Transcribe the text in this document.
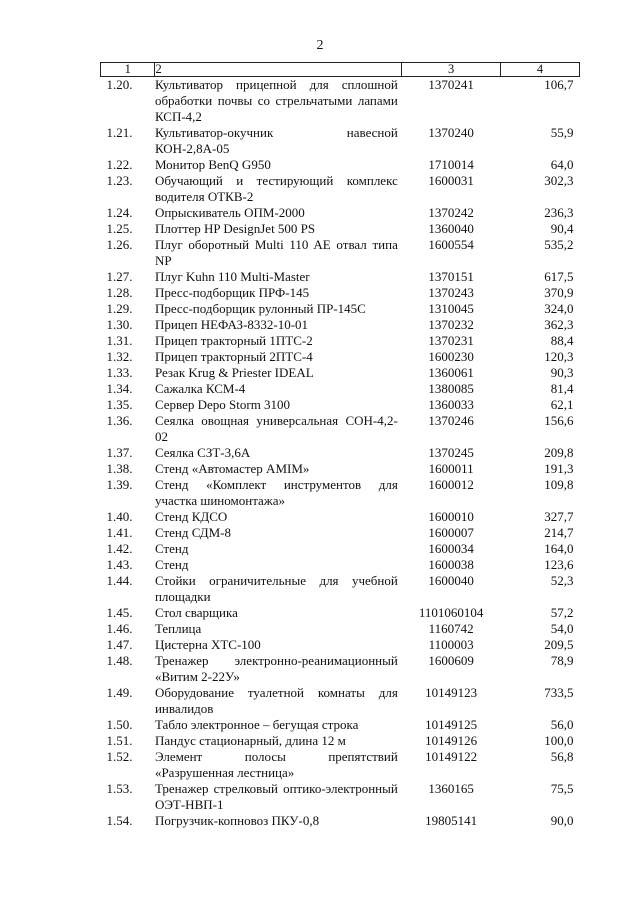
2
1	2	3	4
1.20.	Культиватор прицепной для сплошной обработки почвы со стрельчатыми лапами КСП-4,2	1370241	106,7
1.21.	Культиватор-окучник навесной КОН-2,8А-05	1370240	55,9
1.22.	Монитор BenQ G950	1710014	64,0
1.23.	Обучающий и тестирующий комплекс водителя ОТКВ-2	1600031	302,3
1.24.	Опрыскиватель ОПМ-2000	1370242	236,3
1.25.	Плоттер HP DesignJet 500 PS	1360040	90,4
1.26.	Плуг оборотный Multi 110 AE отвал типа NP	1600554	535,2
1.27.	Плуг Kuhn 110 Multi-Master	1370151	617,5
1.28.	Пресс-подборщик ПРФ-145	1370243	370,9
1.29.	Пресс-подборщик рулонный ПР-145С	1310045	324,0
1.30.	Прицеп НЕФАЗ-8332-10-01	1370232	362,3
1.31.	Прицеп тракторный 1ПТС-2	1370231	88,4
1.32.	Прицеп тракторный 2ПТС-4	1600230	120,3
1.33.	Резак Krug & Priester IDEAL	1360061	90,3
1.34.	Сажалка КСМ-4	1380085	81,4
1.35.	Сервер Depo Storm 3100	1360033	62,1
1.36.	Сеялка овощная универсальная СОН-4,2-02	1370246	156,6
1.37.	Сеялка СЗТ-3,6А	1370245	209,8
1.38.	Стенд «Автомастер AMIM»	1600011	191,3
1.39.	Стенд «Комплект инструментов для участка шиномонтажа»	1600012	109,8
1.40.	Стенд КДСО	1600010	327,7
1.41.	Стенд СДМ-8	1600007	214,7
1.42.	Стенд	1600034	164,0
1.43.	Стенд	1600038	123,6
1.44.	Стойки ограничительные для учебной площадки	1600040	52,3
1.45.	Стол сварщика	1101060104	57,2
1.46.	Теплица	1160742	54,0
1.47.	Цистерна ХТС-100	1100003	209,5
1.48.	Тренажер электронно-реанимационный «Витим 2-22У»	1600609	78,9
1.49.	Оборудование туалетной комнаты для инвалидов	10149123	733,5
1.50.	Табло электронное – бегущая строка	10149125	56,0
1.51.	Пандус стационарный, длина 12 м	10149126	100,0
1.52.	Элемент полосы препятствий «Разрушенная лестница»	10149122	56,8
1.53.	Тренажер стрелковый оптико-электронный ОЭТ-НВП-1	1360165	75,5
1.54.	Погрузчик-копновоз ПКУ-0,8	19805141	90,0
